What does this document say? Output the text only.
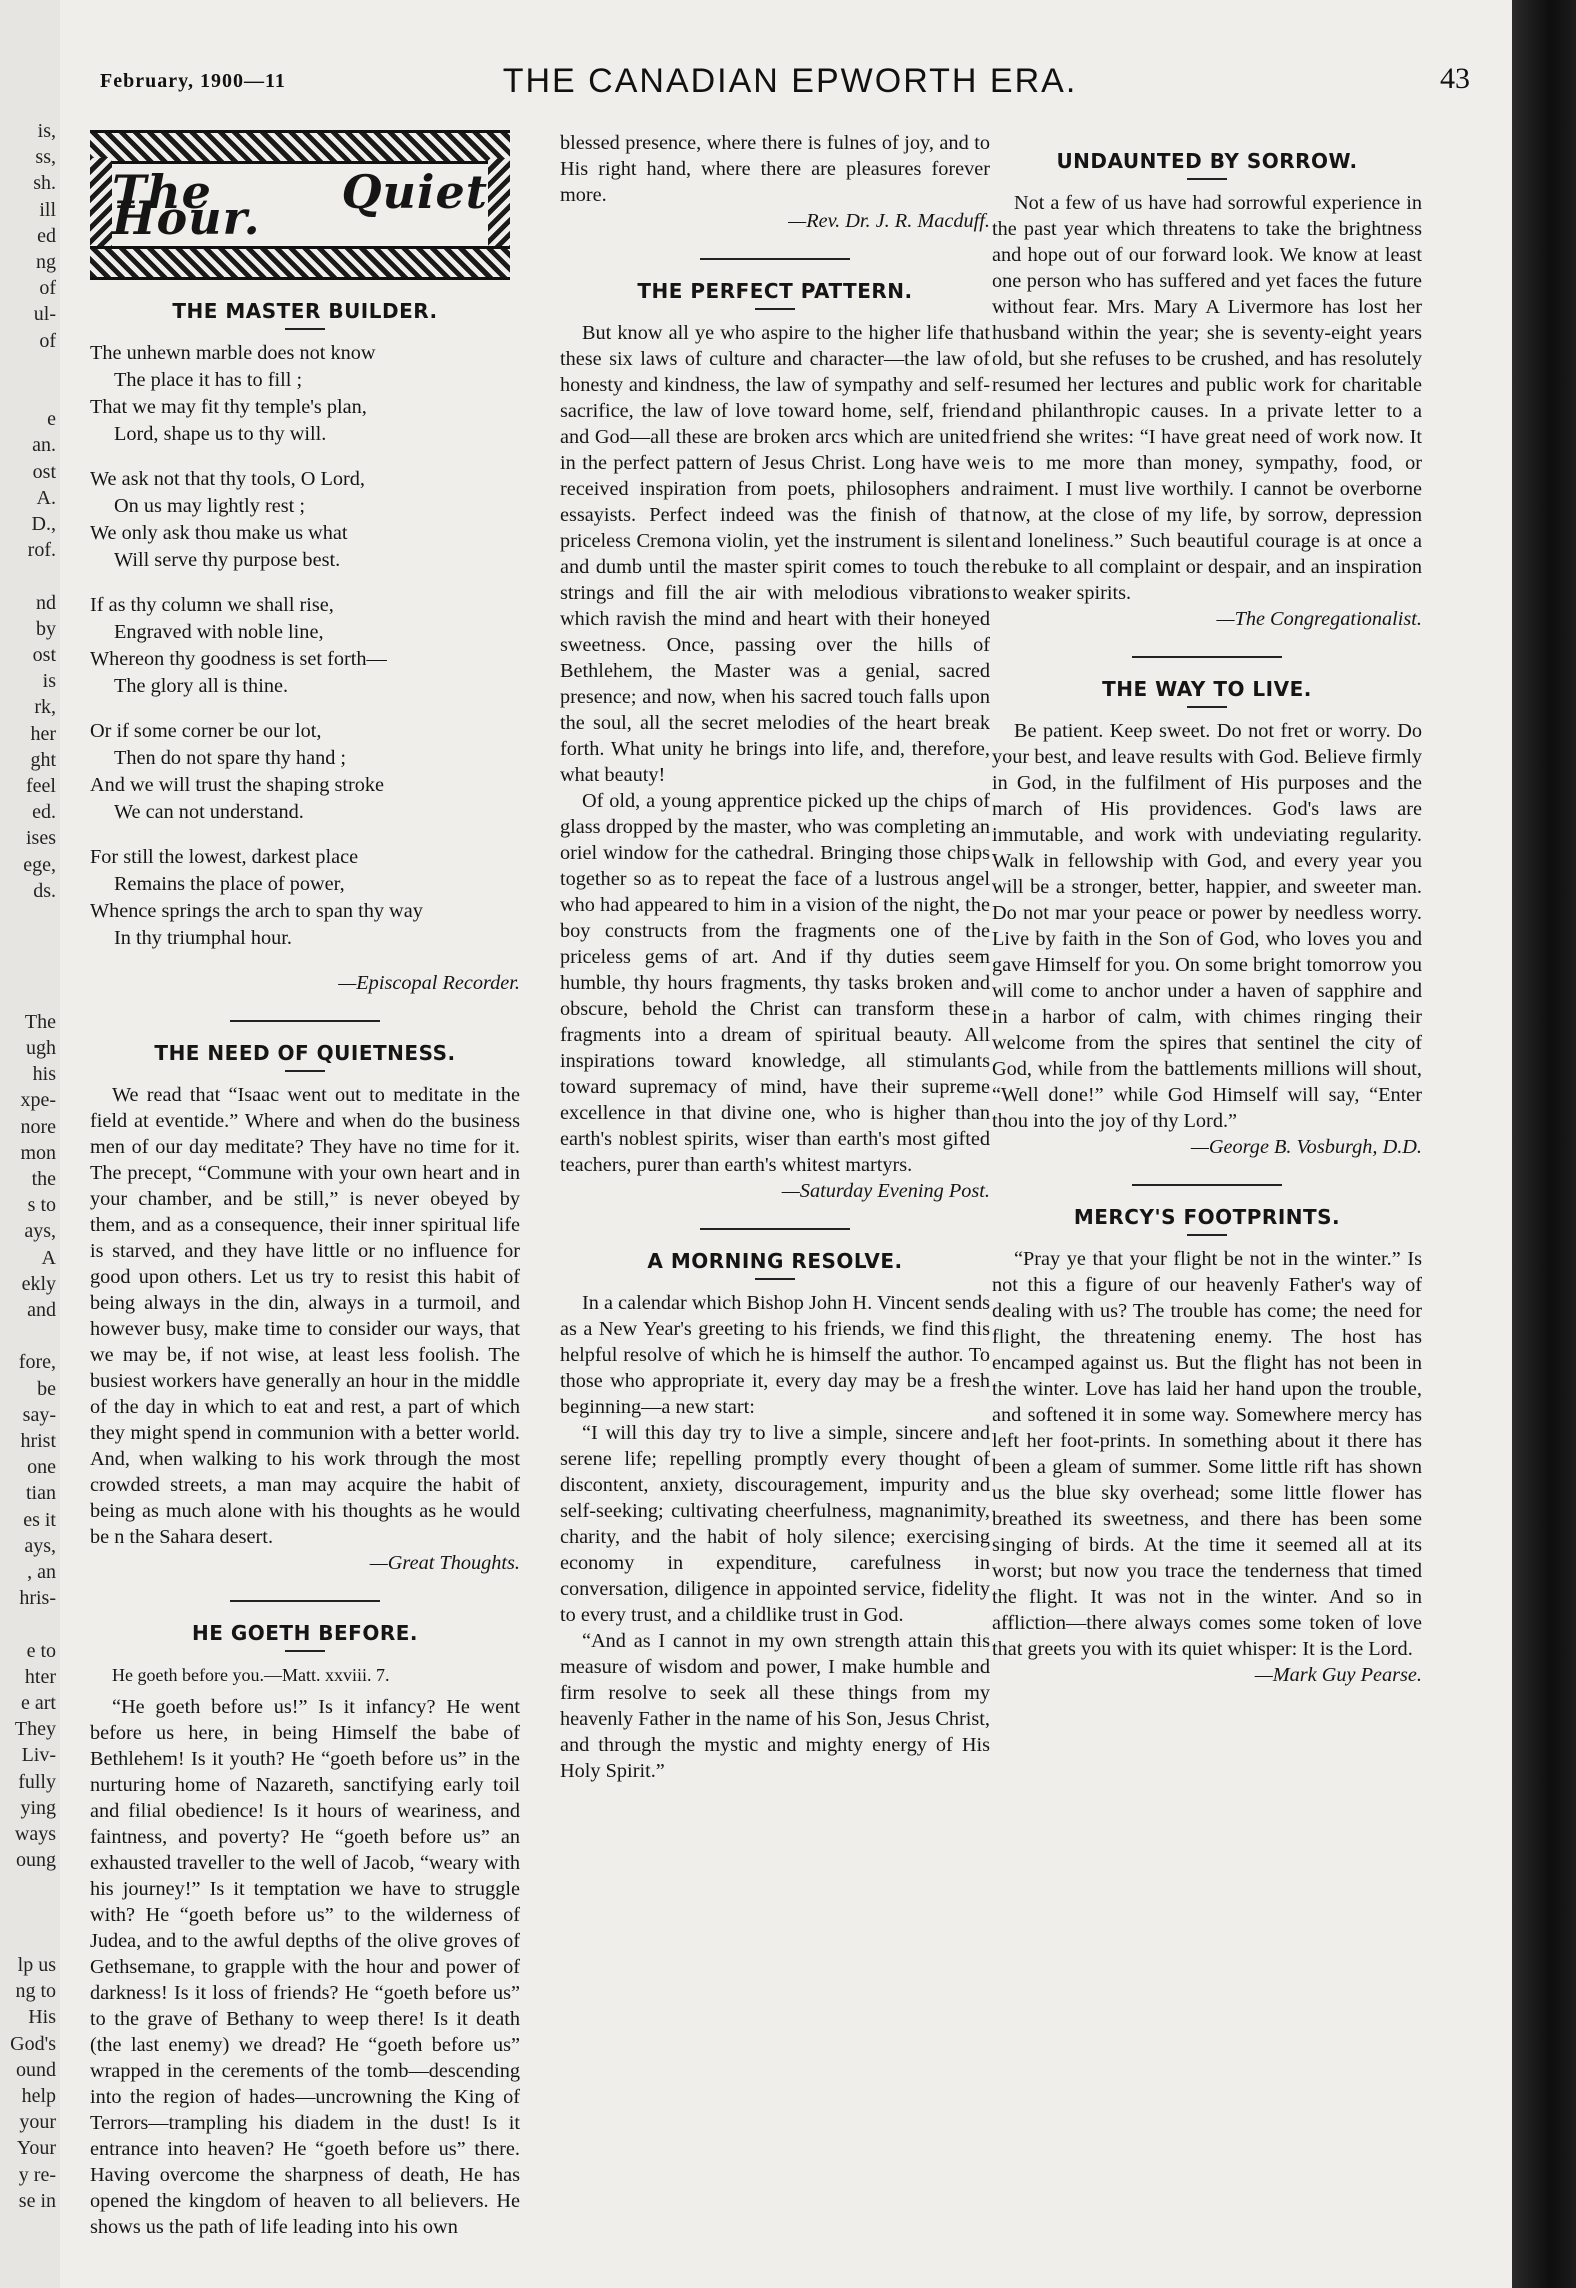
is,
ss,
sh.
ill
ed
ng
of
ul-
of
e
an.
ost
A.
D.,
rof.
nd
by
ost
is
rk,
her
ght
feel
ed.
ises
ege,
ds.
The
ugh
his
xpe-
nore
mon
the
s to
ays,
A
ekly
and
fore,
be
say-
hrist
one
tian
es it
ays,
, an
hris-
e to
hter
e art
They
Liv-
fully
ying
ways
oung
lp us
ng to
His
God's
ound
help
your
Your
y re-
se in
February, 1900—11	THE CANADIAN EPWORTH ERA.	43
The Quiet Hour.
THE MASTER BUILDER.

The unhewn marble does not know

The place it has to fill ;

That we may fit thy temple's plan,

Lord, shape us to thy will.

We ask not that thy tools, O Lord,

On us may lightly rest ;

We only ask thou make us what

Will serve thy purpose best.

If as thy column we shall rise,

Engraved with noble line,

Whereon thy goodness is set forth—

The glory all is thine.

Or if some corner be our lot,

Then do not spare thy hand ;

And we will trust the shaping stroke

We can not understand.

For still the lowest, darkest place

Remains the place of power,

Whence springs the arch to span thy way

In thy triumphal hour.

—Episcopal Recorder.

THE NEED OF QUIETNESS.

We read that “Isaac went out to meditate in the field at eventide.” Where and when do the business men of our day meditate? They have no time for it. The precept, “Commune with your own heart and in your chamber, and be still,” is never obeyed by them, and as a consequence, their inner spiritual life is starved, and they have little or no influence for good upon others. Let us try to resist this habit of being always in the din, always in a turmoil, and however busy, make time to consider our ways, that we may be, if not wise, at least less foolish. The busiest workers have generally an hour in the middle of the day in which to eat and rest, a part of which they might spend in communion with a better world. And, when walking to his work through the most crowded streets, a man may acquire the habit of being as much alone with his thoughts as he would be n the Sahara desert.

—Great Thoughts.

HE GOETH BEFORE.

He goeth before you.—Matt. xxviii. 7.

“He goeth before us!” Is it infancy? He went before us here, in being Himself the babe of Bethlehem! Is it youth? He “goeth before us” in the nurturing home of Nazareth, sanctifying early toil and filial obedience! Is it hours of weariness, and faintness, and poverty? He “goeth before us” an exhausted traveller to the well of Jacob, “weary with his journey!” Is it temptation we have to struggle with? He “goeth before us” to the wilderness of Judea, and to the awful depths of the olive groves of Gethsemane, to grapple with the hour and power of darkness! Is it loss of friends? He “goeth before us” to the grave of Bethany to weep there! Is it death (the last enemy) we dread? He “goeth before us” wrapped in the cerements of the tomb—descending into the region of hades—uncrowning the King of Terrors—trampling his diadem in the dust! Is it entrance into heaven? He “goeth before us” there. Having overcome the sharpness of death, He has opened the kingdom of heaven to all believers. He shows us the path of life leading into his own

blessed presence, where there is fulnes of joy, and to His right hand, where there are pleasures forever more.

—Rev. Dr. J. R. Macduff.

THE PERFECT PATTERN.

But know all ye who aspire to the higher life that these six laws of culture and character—the law of honesty and kindness, the law of sympathy and self-sacrifice, the law of love toward home, self, friend and God—all these are broken arcs which are united in the perfect pattern of Jesus Christ. Long have we received inspiration from poets, philosophers and essayists. Perfect indeed was the finish of that priceless Cremona violin, yet the instrument is silent and dumb until the master spirit comes to touch the strings and fill the air with melodious vibrations which ravish the mind and heart with their honeyed sweetness. Once, passing over the hills of Bethlehem, the Master was a genial, sacred presence; and now, when his sacred touch falls upon the soul, all the secret melodies of the heart break forth. What unity he brings into life, and, therefore, what beauty!

Of old, a young apprentice picked up the chips of glass dropped by the master, who was completing an oriel window for the cathedral. Bringing those chips together so as to repeat the face of a lustrous angel who had appeared to him in a vision of the night, the boy constructs from the fragments one of the priceless gems of art. And if thy duties seem humble, thy hours fragments, thy tasks broken and obscure, behold the Christ can transform these fragments into a dream of spiritual beauty. All inspirations toward knowledge, all stimulants toward supremacy of mind, have their supreme excellence in that divine one, who is higher than earth's noblest spirits, wiser than earth's most gifted teachers, purer than earth's whitest martyrs.

—Saturday Evening Post.

A MORNING RESOLVE.

In a calendar which Bishop John H. Vincent sends as a New Year's greeting to his friends, we find this helpful resolve of which he is himself the author. To those who appropriate it, every day may be a fresh beginning—a new start:

“I will this day try to live a simple, sincere and serene life; repelling promptly every thought of discontent, anxiety, discouragement, impurity and self-seeking; cultivating cheerfulness, magnanimity, charity, and the habit of holy silence; exercising economy in expenditure, carefulness in conversation, diligence in appointed service, fidelity to every trust, and a childlike trust in God.

“And as I cannot in my own strength attain this measure of wisdom and power, I make humble and firm resolve to seek all these things from my heavenly Father in the name of his Son, Jesus Christ, and through the mystic and mighty energy of His Holy Spirit.”

UNDAUNTED BY SORROW.

Not a few of us have had sorrowful experience in the past year which threatens to take the brightness and hope out of our forward look. We know at least one person who has suffered and yet faces the future without fear. Mrs. Mary A Livermore has lost her husband within the year; she is seventy-eight years old, but she refuses to be crushed, and has resolutely resumed her lectures and public work for charitable and philanthropic causes. In a private letter to a friend she writes: “I have great need of work now. It is to me more than money, sympathy, food, or raiment. I must live worthily. I cannot be overborne now, at the close of my life, by sorrow, depression and loneliness.” Such beautiful courage is at once a rebuke to all complaint or despair, and an inspiration to weaker spirits.

—The Congregationalist.

THE WAY TO LIVE.

Be patient. Keep sweet. Do not fret or worry. Do your best, and leave results with God. Believe firmly in God, in the fulfilment of His purposes and the march of His providences. God's laws are immutable, and work with undeviating regularity. Walk in fellowship with God, and every year you will be a stronger, better, happier, and sweeter man. Do not mar your peace or power by needless worry. Live by faith in the Son of God, who loves you and gave Himself for you. On some bright tomorrow you will come to anchor under a haven of sapphire and in a harbor of calm, with chimes ringing their welcome from the spires that sentinel the city of God, while from the battlements millions will shout, “Well done!” while God Himself will say, “Enter thou into the joy of thy Lord.”

—George B. Vosburgh, D.D.

MERCY'S FOOTPRINTS.

“Pray ye that your flight be not in the winter.” Is not this a figure of our heavenly Father's way of dealing with us? The trouble has come; the need for flight, the threatening enemy. The host has encamped against us. But the flight has not been in the winter. Love has laid her hand upon the trouble, and softened it in some way. Somewhere mercy has left her foot-prints. In something about it there has been a gleam of summer. Some little rift has shown us the blue sky overhead; some little flower has breathed its sweetness, and there has been some singing of birds. At the time it seemed all at its worst; but now you trace the tenderness that timed the flight. It was not in the winter. And so in affliction—there always comes some token of love that greets you with its quiet whisper: It is the Lord.

—Mark Guy Pearse.
